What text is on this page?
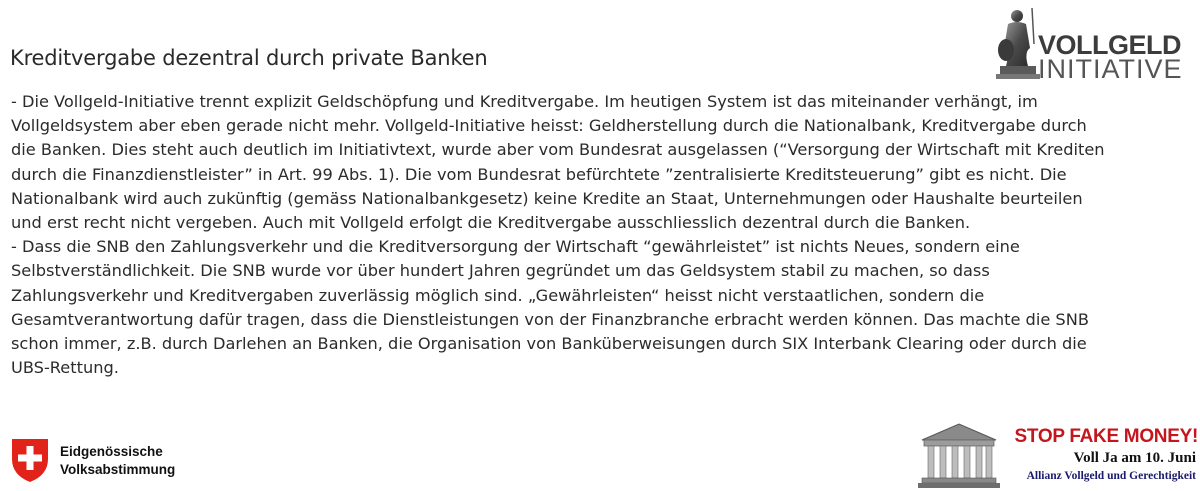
VOLLGELD
INITIATIVE
Kreditvergabe dezentral durch private Banken

- Die Vollgeld-Initiative trennt explizit Geldschöpfung und Kreditvergabe. Im heutigen System ist das miteinander verhängt, im
Vollgeldsystem aber eben gerade nicht mehr. Vollgeld-Initiative heisst: Geldherstellung durch die Nationalbank, Kreditvergabe durch
die Banken. Dies steht auch deutlich im Initiativtext, wurde aber vom Bundesrat ausgelassen (“Versorgung der Wirtschaft mit Krediten
durch die Finanzdienstleister” in Art. 99 Abs. 1). Die vom Bundesrat befürchtete ”zentralisierte Kreditsteuerung” gibt es nicht. Die
Nationalbank wird auch zukünftig (gemäss Nationalbankgesetz) keine Kredite an Staat, Unternehmungen oder Haushalte beurteilen
und erst recht nicht vergeben. Auch mit Vollgeld erfolgt die Kreditvergabe ausschliesslich dezentral durch die Banken.

- Dass die SNB den Zahlungsverkehr und die Kreditversorgung der Wirtschaft “gewährleistet” ist nichts Neues, sondern eine
Selbstverständlichkeit. Die SNB wurde vor über hundert Jahren gegründet um das Geldsystem stabil zu machen, so dass
Zahlungsverkehr und Kreditvergaben zuverlässig möglich sind. „Gewährleisten“ heisst nicht verstaatlichen, sondern die
Gesamtverantwortung dafür tragen, dass die Dienstleistungen von der Finanzbranche erbracht werden können. Das machte die SNB
schon immer, z.B. durch Darlehen an Banken, die Organisation von Banküberweisungen durch SIX Interbank Clearing oder durch die
UBS-Rettung.

Eidgenössische
Volksabstimmung
STOP FAKE MONEY!
Voll Ja am 10. Juni
Allianz Vollgeld und Gerechtigkeit
